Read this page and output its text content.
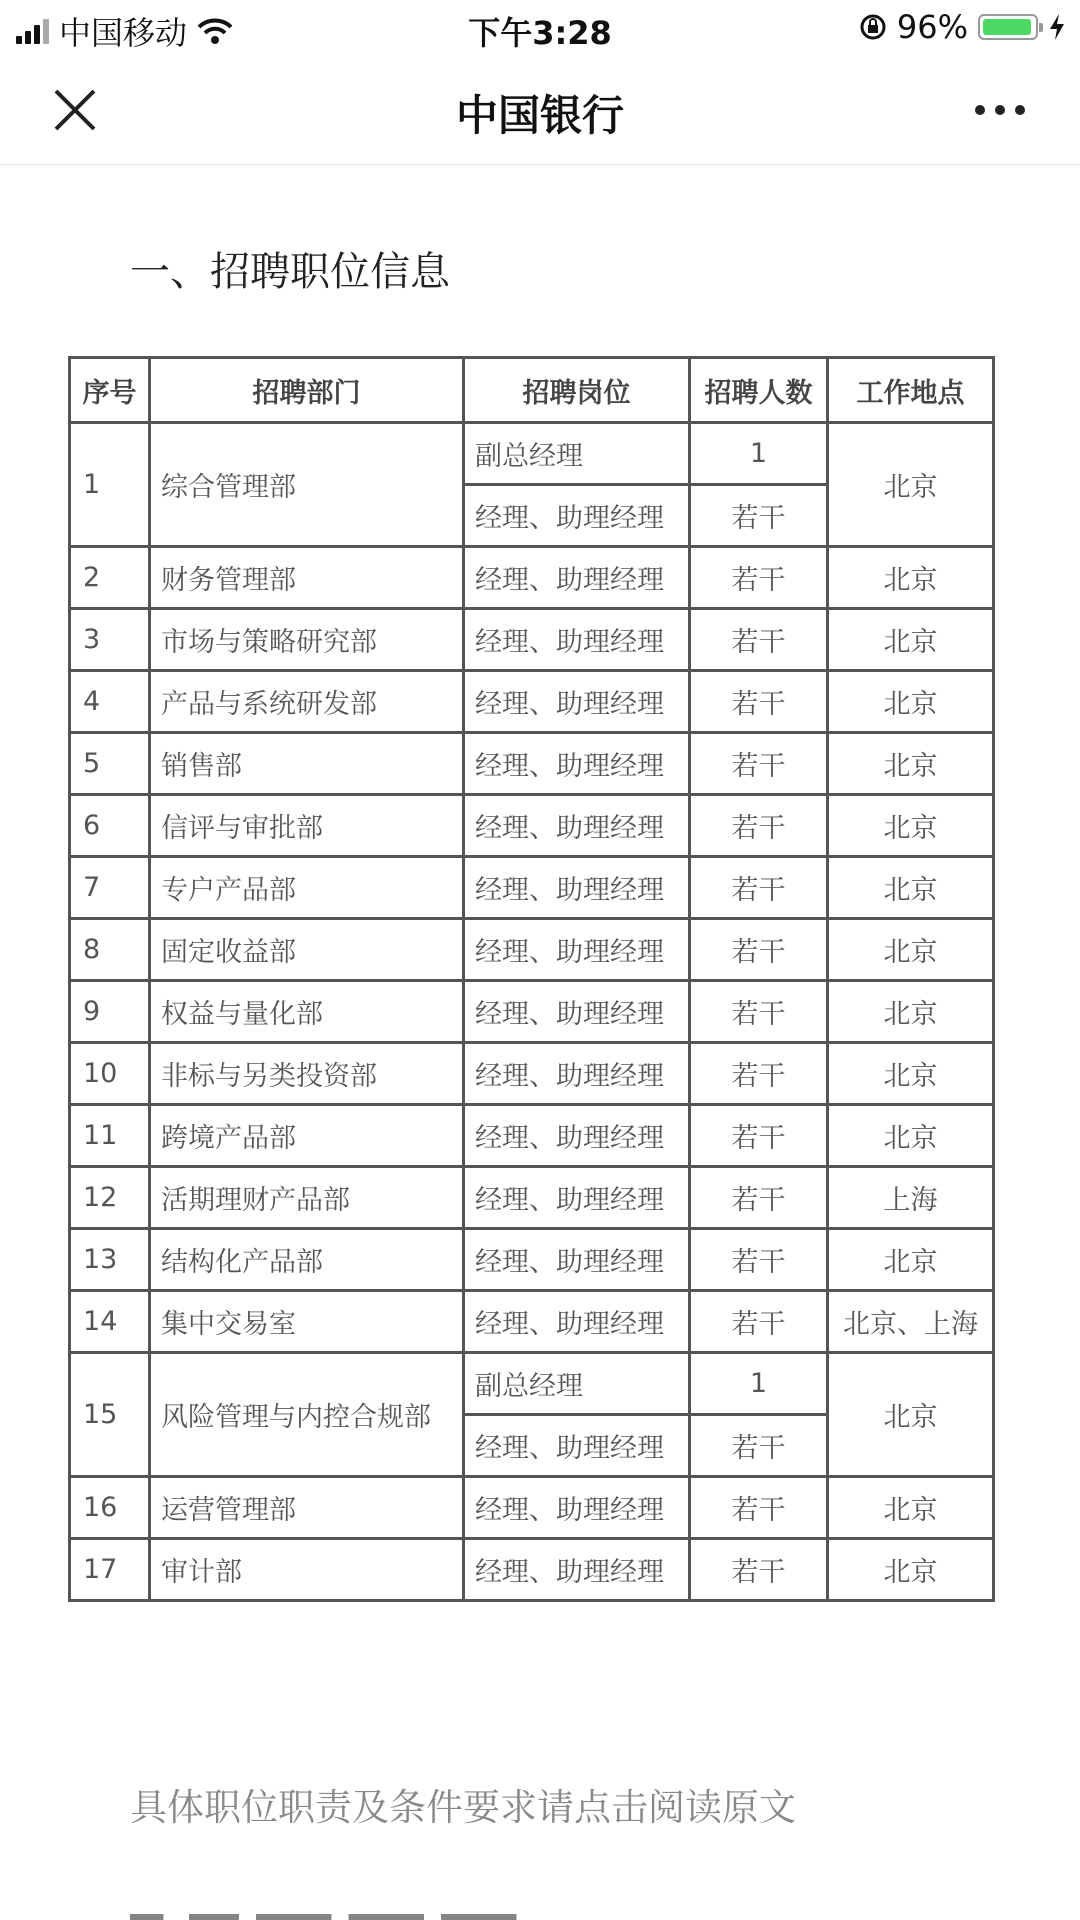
中国移动	下午3:28	96%
中国银行
一、招聘职位信息
序号	招聘部门	招聘岗位	招聘人数	工作地点
1	综合管理部	副总经理	1	北京
		经理、助理经理	若干	
2	财务管理部	经理、助理经理	若干	北京
3	市场与策略研究部	经理、助理经理	若干	北京
4	产品与系统研发部	经理、助理经理	若干	北京
5	销售部	经理、助理经理	若干	北京
6	信评与审批部	经理、助理经理	若干	北京
7	专户产品部	经理、助理经理	若干	北京
8	固定收益部	经理、助理经理	若干	北京
9	权益与量化部	经理、助理经理	若干	北京
10	非标与另类投资部	经理、助理经理	若干	北京
11	跨境产品部	经理、助理经理	若干	北京
12	活期理财产品部	经理、助理经理	若干	上海
13	结构化产品部	经理、助理经理	若干	北京
14	集中交易室	经理、助理经理	若干	北京、上海
15	风险管理与内控合规部	副总经理	1	北京
		经理、助理经理	若干	
16	运营管理部	经理、助理经理	若干	北京
17	审计部	经理、助理经理	若干	北京
具体职位职责及条件要求请点击阅读原文
